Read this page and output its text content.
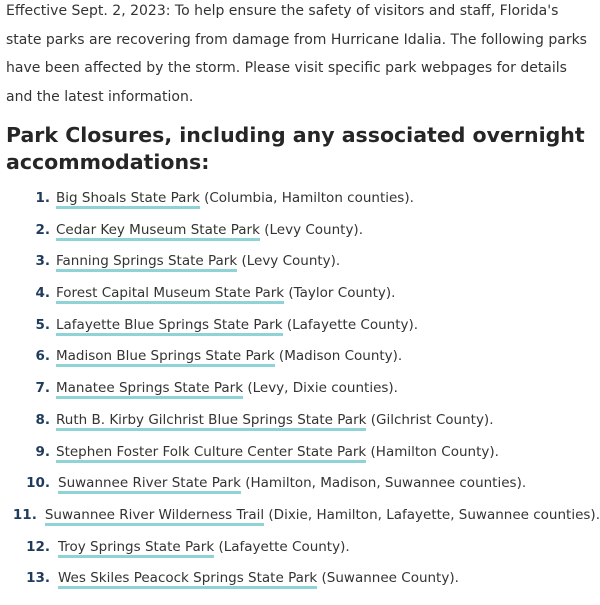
Effective Sept. 2, 2023: To help ensure the safety of visitors and staff, Florida's state parks are recovering from damage from Hurricane Idalia. The following parks have been affected by the storm. Please visit specific park webpages for details and the latest information.

Park Closures, including any associated overnight accommodations:
1. Big Shoals State Park (Columbia, Hamilton counties).
2. Cedar Key Museum State Park (Levy County).
3. Fanning Springs State Park (Levy County).
4. Forest Capital Museum State Park (Taylor County).
5. Lafayette Blue Springs State Park (Lafayette County).
6. Madison Blue Springs State Park (Madison County).
7. Manatee Springs State Park (Levy, Dixie counties).
8. Ruth B. Kirby Gilchrist Blue Springs State Park (Gilchrist County).
9. Stephen Foster Folk Culture Center State Park (Hamilton County).
10. Suwannee River State Park (Hamilton, Madison, Suwannee counties).
11. Suwannee River Wilderness Trail (Dixie, Hamilton, Lafayette, Suwannee counties).
12. Troy Springs State Park (Lafayette County).
13. Wes Skiles Peacock Springs State Park (Suwannee County).
